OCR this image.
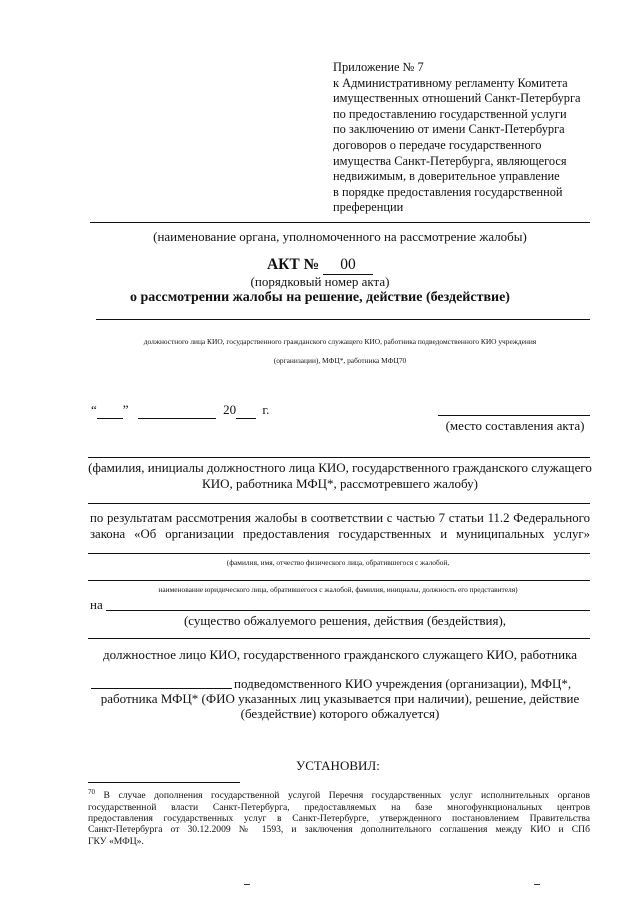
Приложение № 7
к Административному регламенту Комитета
имущественных отношений Санкт-Петербурга
по предоставлению государственной услуги
по заключению от имени Санкт-Петербурга
договоров о передаче государственного
имущества Санкт-Петербурга, являющегося
недвижимым, в доверительное управление
в порядке предоставления государственной
преференции
(наименование органа, уполномоченного на рассмотрение жалобы)
АКТ № 00
(порядковый номер акта)
о рассмотрении жалобы на решение, действие (бездействие)
должностного лица КИО, государственного гражданского служащего КИО, работника подведомственного КИО учреждения
(организации), МФЦ*, работника МФЦ70
“ ”	20 г.
(место составления акта)
(фамилия, инициалы должностного лица КИО, государственного гражданского служащего
КИО, работника МФЦ*, рассмотревшего жалобу)
по результатам рассмотрения жалобы в соответствии с частью 7 статьи 11.2 Федерального
закона «Об организации предоставления государственных и муниципальных услуг»
(фамилия, имя, отчество физического лица, обратившегося с жалобой,
наименование юридического лица, обратившегося с жалобой, фамилия, инициалы, должность его представителя)
на
(существо обжалуемого решения, действия (бездействия),
должностное лицо КИО, государственного гражданского служащего КИО, работника
подведомственного КИО учреждения (организации), МФЦ*,
работника МФЦ* (ФИО указанных лиц указывается при наличии), решение, действие
(бездействие) которого обжалуется)
УСТАНОВИЛ:
$^{70}$ В случае дополнения государственной услугой Перечня государственных услуг исполнительных органов
государственной власти Санкт-Петербурга, предоставляемых на базе многофункциональных центров
предоставления государственных услуг в Санкт-Петербурге, утвержденного постановлением Правительства
Санкт-Петербурга от 30.12.2009 № 1593, и заключения дополнительного соглашения между КИО и СПб
ГКУ «МФЦ».
